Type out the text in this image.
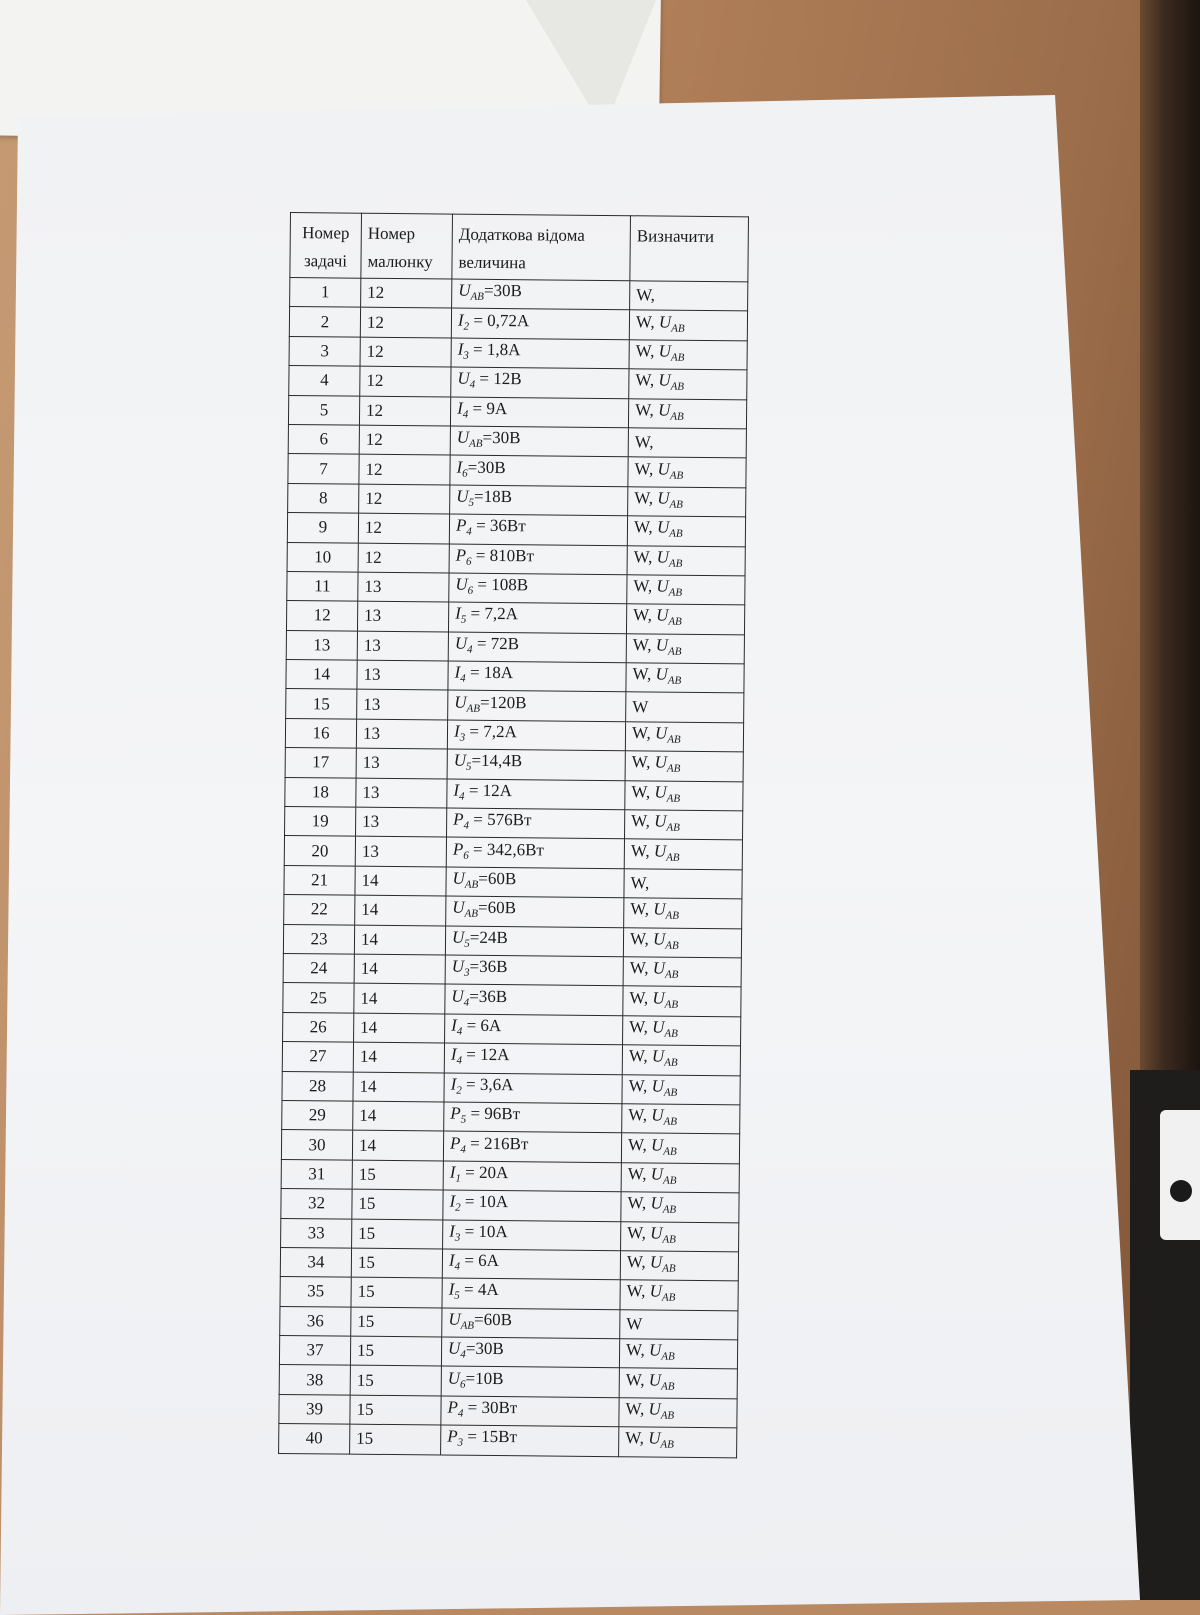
Номер задачі	Номер малюнку	Додаткова відома величина	Визначити
1	12	$U_{AB}=30B$	W,
2	12	$I_2 = 0,72A$	W, $U_{AB}$
3	12	$I_3 = 1,8A$	W, $U_{AB}$
4	12	$U_4 = 12B$	W, $U_{AB}$
5	12	$I_4 = 9A$	W, $U_{AB}$
6	12	$U_{AB}=30B$	W,
7	12	$I_6=30B$	W, $U_{AB}$
8	12	$U_5=18B$	W, $U_{AB}$
9	12	$P_4 = 36Вт$	W, $U_{AB}$
10	12	$P_6 = 810Вт$	W, $U_{AB}$
11	13	$U_6 = 108B$	W, $U_{AB}$
12	13	$I_5 = 7,2A$	W, $U_{AB}$
13	13	$U_4 = 72B$	W, $U_{AB}$
14	13	$I_4 = 18A$	W, $U_{AB}$
15	13	$U_{AB}=120B$	W
16	13	$I_3 = 7,2A$	W, $U_{AB}$
17	13	$U_5=14,4B$	W, $U_{AB}$
18	13	$I_4 = 12A$	W, $U_{AB}$
19	13	$P_4 = 576Вт$	W, $U_{AB}$
20	13	$P_6 = 342,6Вт$	W, $U_{AB}$
21	14	$U_{AB}=60B$	W,
22	14	$U_{AB}=60B$	W, $U_{AB}$
23	14	$U_5=24B$	W, $U_{AB}$
24	14	$U_3=36B$	W, $U_{AB}$
25	14	$U_4=36B$	W, $U_{AB}$
26	14	$I_4 = 6A$	W, $U_{AB}$
27	14	$I_4 = 12A$	W, $U_{AB}$
28	14	$I_2 = 3,6A$	W, $U_{AB}$
29	14	$P_5 = 96Вт$	W, $U_{AB}$
30	14	$P_4 = 216Вт$	W, $U_{AB}$
31	15	$I_1 = 20A$	W, $U_{AB}$
32	15	$I_2 = 10A$	W, $U_{AB}$
33	15	$I_3 = 10A$	W, $U_{AB}$
34	15	$I_4 = 6A$	W, $U_{AB}$
35	15	$I_5 = 4A$	W, $U_{AB}$
36	15	$U_{AB}=60B$	W
37	15	$U_4=30B$	W, $U_{AB}$
38	15	$U_6=10B$	W, $U_{AB}$
39	15	$P_4 = 30Вт$	W, $U_{AB}$
40	15	$P_3 = 15Вт$	W, $U_{AB}$
